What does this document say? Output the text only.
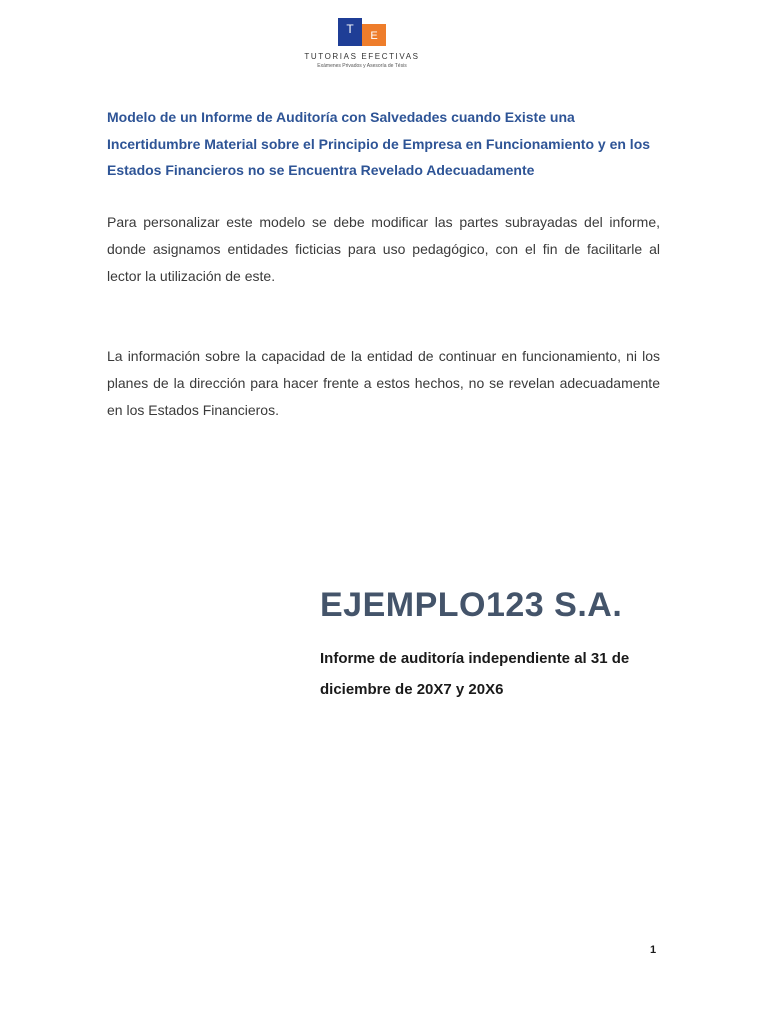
T	E
TUTORIAS EFECTIVAS
Exámenes Privados y Asesoría de Tésis
Modelo de un Informe de Auditoría con Salvedades cuando Existe una Incertidumbre Material sobre el Principio de Empresa en Funcionamiento y en los Estados Financieros no se Encuentra Revelado Adecuadamente

Para personalizar este modelo se debe modificar las partes subrayadas del informe, donde asignamos entidades ficticias para uso pedagógico, con el fin de facilitarle al lector la utilización de este.

La información sobre la capacidad de la entidad de continuar en funcionamiento, ni los planes de la dirección para hacer frente a estos hechos, no se revelan adecuadamente en los Estados Financieros.

EJEMPLO123 S.A.

Informe de auditoría independiente al 31 de diciembre de 20X7 y 20X6

1
